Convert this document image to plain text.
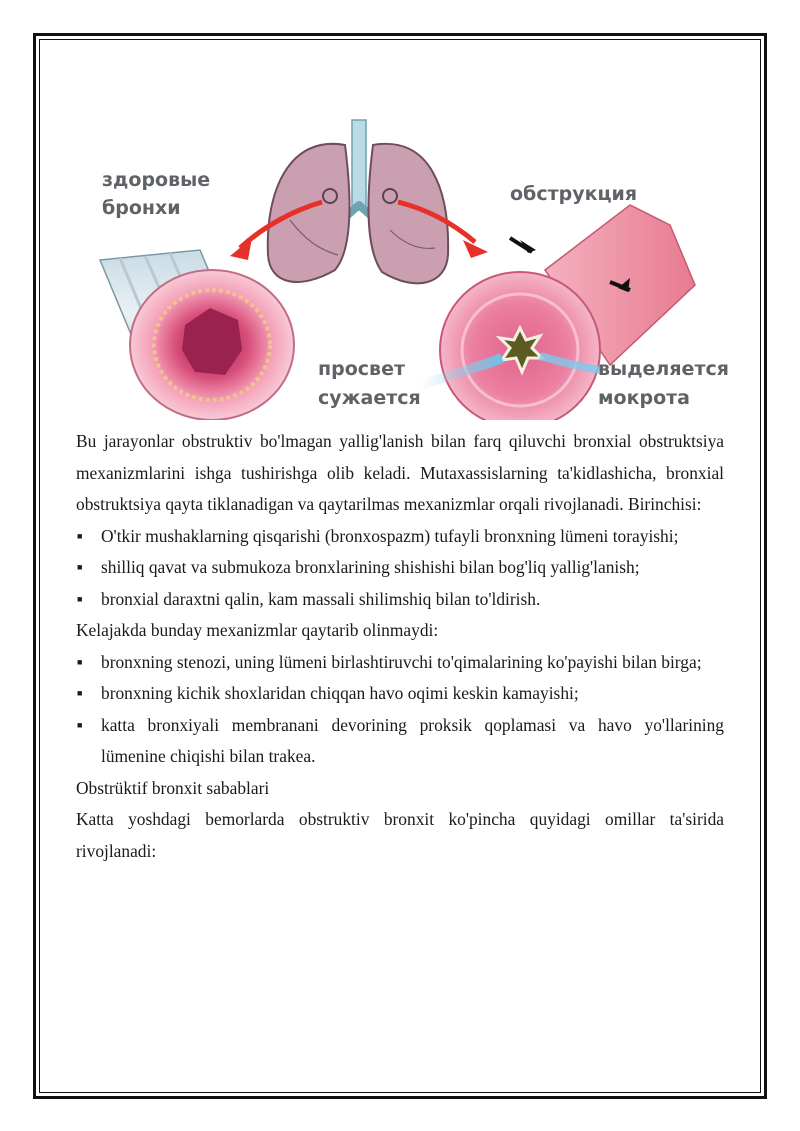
здоровые
бронхи
обструкция
просвет
сужается
выделяется
мокрота

Bu jarayonlar obstruktiv bo'lmagan yallig'lanish bilan farq qiluvchi bronxial obstruktsiya mexanizmlarini ishga tushirishga olib keladi. Mutaxassislarning ta'kidlashicha, bronxial obstruktsiya qayta tiklanadigan va qaytarilmas mexanizmlar orqali rivojlanadi. Birinchisi:

■ O'tkir mushaklarning qisqarishi (bronxospazm) tufayli bronxning lümeni torayishi;
■ shilliq qavat va submukoza bronxlarining shishishi bilan bog'liq yallig'lanish;
■ bronxial daraxtni qalin, kam massali shilimshiq bilan to'ldirish.

Kelajakda bunday mexanizmlar qaytarib olinmaydi:

■ bronxning stenozi, uning lümeni birlashtiruvchi to'qimalarining ko'payishi bilan birga;
■ bronxning kichik shoxlaridan chiqqan havo oqimi keskin kamayishi;
■ katta bronxiyali membranani devorining proksik qoplamasi va havo yo'llarining lümenine chiqishi bilan trakea.

Obstrüktif bronxit sabablari

Katta yoshdagi bemorlarda obstruktiv bronxit ko'pincha quyidagi omillar ta'sirida rivojlanadi:
